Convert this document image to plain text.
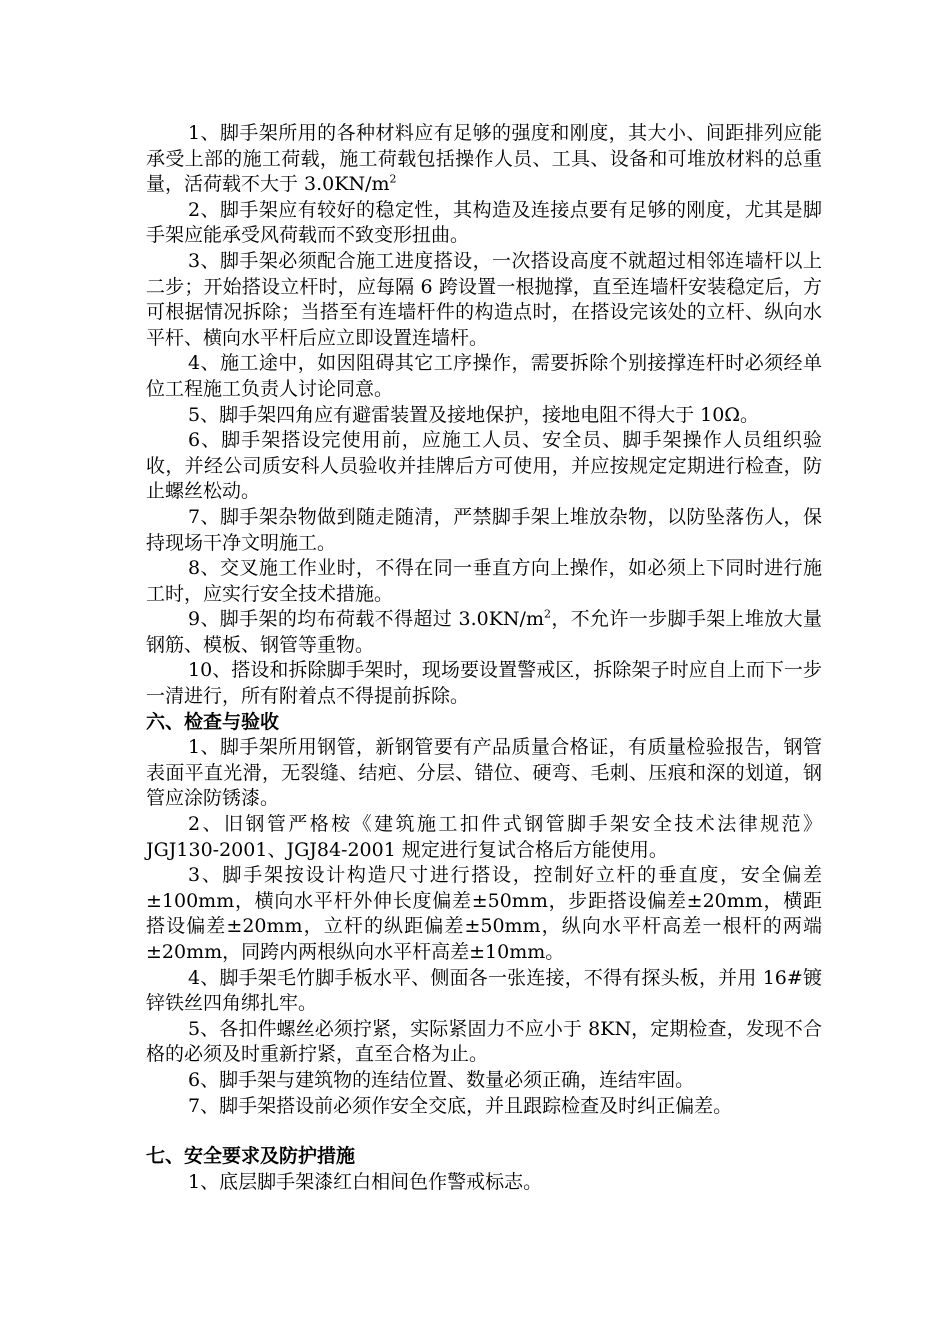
1、脚手架所用的各种材料应有足够的强度和刚度，其大小、间距排列应能承受上部的施工荷载，施工荷载包括操作人员、工具、设备和可堆放材料的总重量，活荷载不大于 $3.0KN/m^2$

2、脚手架应有较好的稳定性，其构造及连接点要有足够的刚度，尤其是脚手架应能承受风荷载而不致变形扭曲。

3、脚手架必须配合施工进度搭设，一次搭设高度不就超过相邻连墙杆以上二步；开始搭设立杆时，应每隔 6 跨设置一根抛撑，直至连墙杆安装稳定后，方可根据情况拆除；当搭至有连墙杆件的构造点时，在搭设完该处的立杆、纵向水平杆、横向水平杆后应立即设置连墙杆。

4、施工途中，如因阻碍其它工序操作，需要拆除个别接撑连杆时必须经单位工程施工负责人讨论同意。

5、脚手架四角应有避雷装置及接地保护，接地电阻不得大于 10Ω。

6、脚手架搭设完使用前，应施工人员、安全员、脚手架操作人员组织验收，并经公司质安科人员验收并挂牌后方可使用，并应按规定定期进行检查，防止螺丝松动。

7、脚手架杂物做到随走随清，严禁脚手架上堆放杂物，以防坠落伤人，保持现场干净文明施工。

8、交叉施工作业时，不得在同一垂直方向上操作，如必须上下同时进行施工时，应实行安全技术措施。

9、脚手架的均布荷载不得超过 $3.0KN/m^2$，不允许一步脚手架上堆放大量钢筋、模板、钢管等重物。

10、搭设和拆除脚手架时，现场要设置警戒区，拆除架子时应自上而下一步一清进行，所有附着点不得提前拆除。

六、检查与验收

1、脚手架所用钢管，新钢管要有产品质量合格证，有质量检验报告，钢管表面平直光滑，无裂缝、结疤、分层、错位、硬弯、毛刺、压痕和深的划道，钢管应涂防锈漆。

2、旧钢管严格桉《建筑施工扣件式钢管脚手架安全技术法律规范》JGJ130-2001、JGJ84-2001 规定进行复试合格后方能使用。

3、脚手架按设计构造尺寸进行搭设，控制好立杆的垂直度，安全偏差±100mm，横向水平杆外伸长度偏差±50mm，步距搭设偏差±20mm，横距搭设偏差±20mm，立杆的纵距偏差±50mm，纵向水平杆高差一根杆的两端±20mm，同跨内两根纵向水平杆高差±10mm。

4、脚手架毛竹脚手板水平、侧面各一张连接，不得有探头板，并用 16#镀锌铁丝四角绑扎牢。

5、各扣件螺丝必须拧紧，实际紧固力不应小于 8KN，定期检查，发现不合格的必须及时重新拧紧，直至合格为止。

6、脚手架与建筑物的连结位置、数量必须正确，连结牢固。

7、脚手架搭设前必须作安全交底，并且跟踪检查及时纠正偏差。

七、安全要求及防护措施

1、底层脚手架漆红白相间色作警戒标志。
